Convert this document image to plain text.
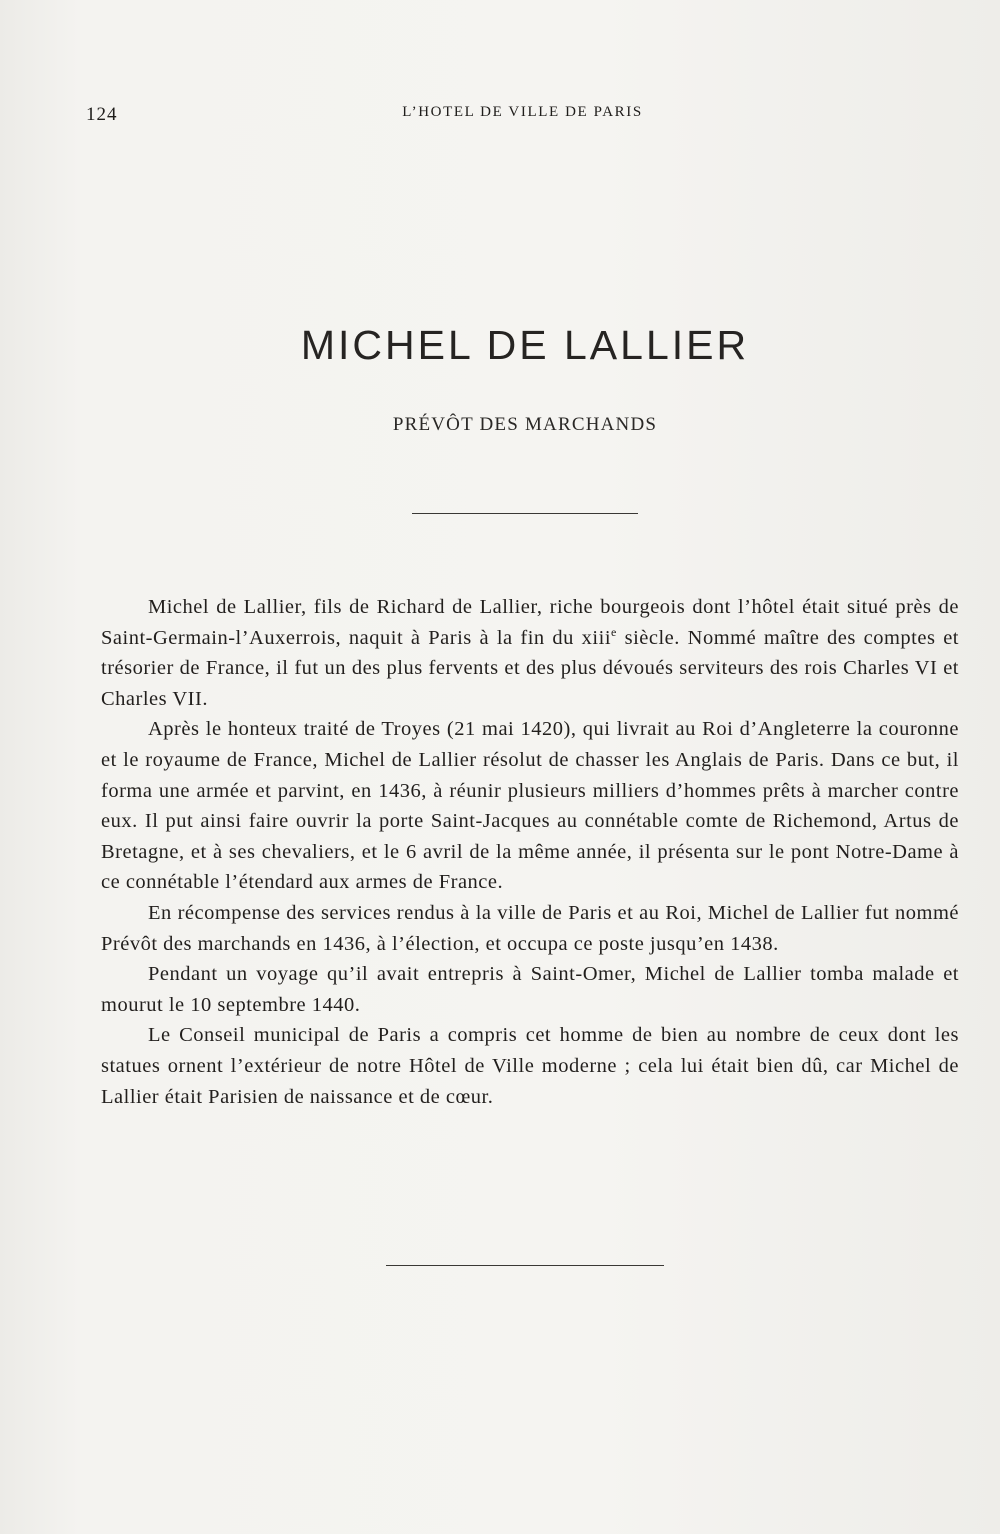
124	L’HOTEL DE VILLE DE PARIS
MICHEL DE LALLIER
PRÉVÔT DES MARCHANDS

Michel de Lallier, fils de Richard de Lallier, riche bourgeois dont l’hôtel était situé près de Saint-Germain-l’Auxerrois, naquit à Paris à la fin du xiii$^e$ siècle. Nommé maître des comptes et trésorier de France, il fut un des plus fervents et des plus dévoués serviteurs des rois Charles VI et Charles VII.

Après le honteux traité de Troyes (21 mai 1420), qui livrait au Roi d’Angleterre la couronne et le royaume de France, Michel de Lallier résolut de chasser les Anglais de Paris. Dans ce but, il forma une armée et parvint, en 1436, à réunir plusieurs milliers d’hommes prêts à marcher contre eux. Il put ainsi faire ouvrir la porte Saint-Jacques au connétable comte de Richemond, Artus de Bretagne, et à ses chevaliers, et le 6 avril de la même année, il présenta sur le pont Notre-Dame à ce connétable l’étendard aux armes de France.

En récompense des services rendus à la ville de Paris et au Roi, Michel de Lallier fut nommé Prévôt des marchands en 1436, à l’élection, et occupa ce poste jusqu’en 1438.

Pendant un voyage qu’il avait entrepris à Saint-Omer, Michel de Lallier tomba malade et mourut le 10 septembre 1440.

Le Conseil municipal de Paris a compris cet homme de bien au nombre de ceux dont les statues ornent l’extérieur de notre Hôtel de Ville moderne ; cela lui était bien dû, car Michel de Lallier était Parisien de naissance et de cœur.
